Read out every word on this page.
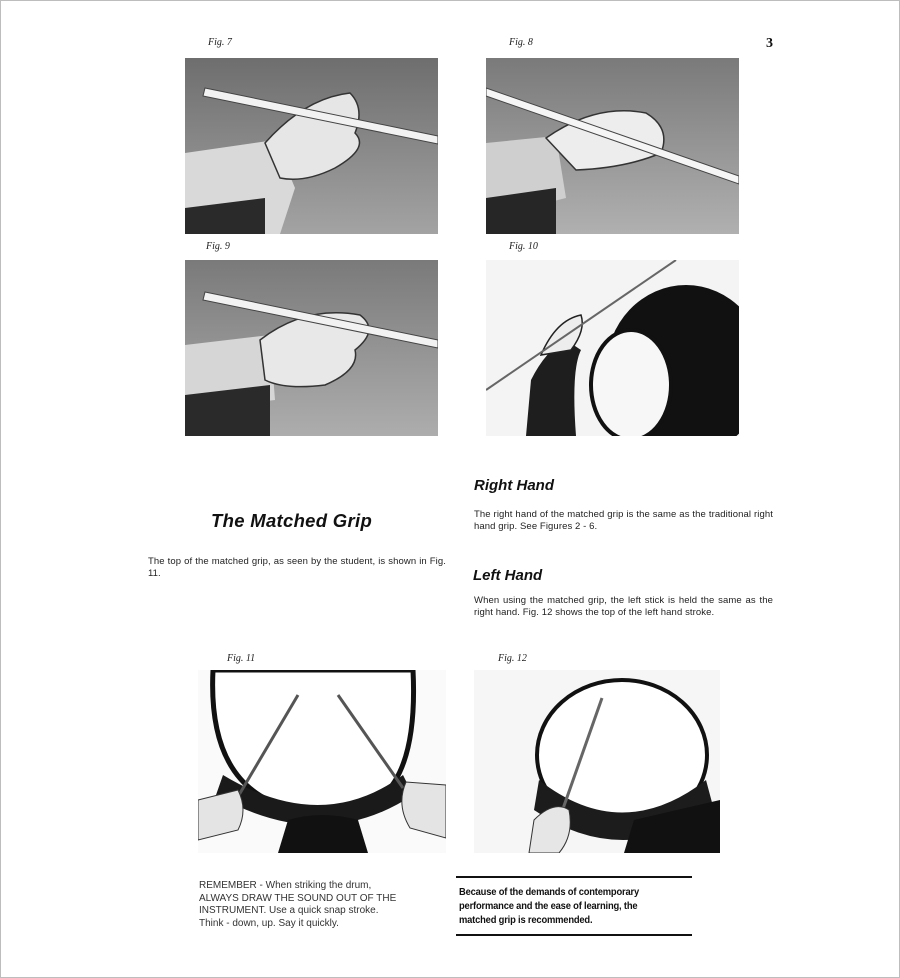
3
Fig. 7	Fig. 8
Fig. 9	Fig. 10
Fig. 11	Fig. 12
Right Hand

The right hand of the matched grip is the same as the traditional right hand grip. See Figures 2 - 6.

The Matched Grip

The top of the matched grip, as seen by the student, is shown in Fig. 11.	Left Hand

When using the matched grip, the left stick is held the same as the right hand. Fig. 12 shows the top of the left hand stroke.

REMEMBER - When striking the drum,
ALWAYS DRAW THE SOUND OUT OF THE
INSTRUMENT. Use a quick snap stroke.
Think - down, up. Say it quickly.

Because of the demands of contemporary
performance and the ease of learning, the
matched grip is recommended.
